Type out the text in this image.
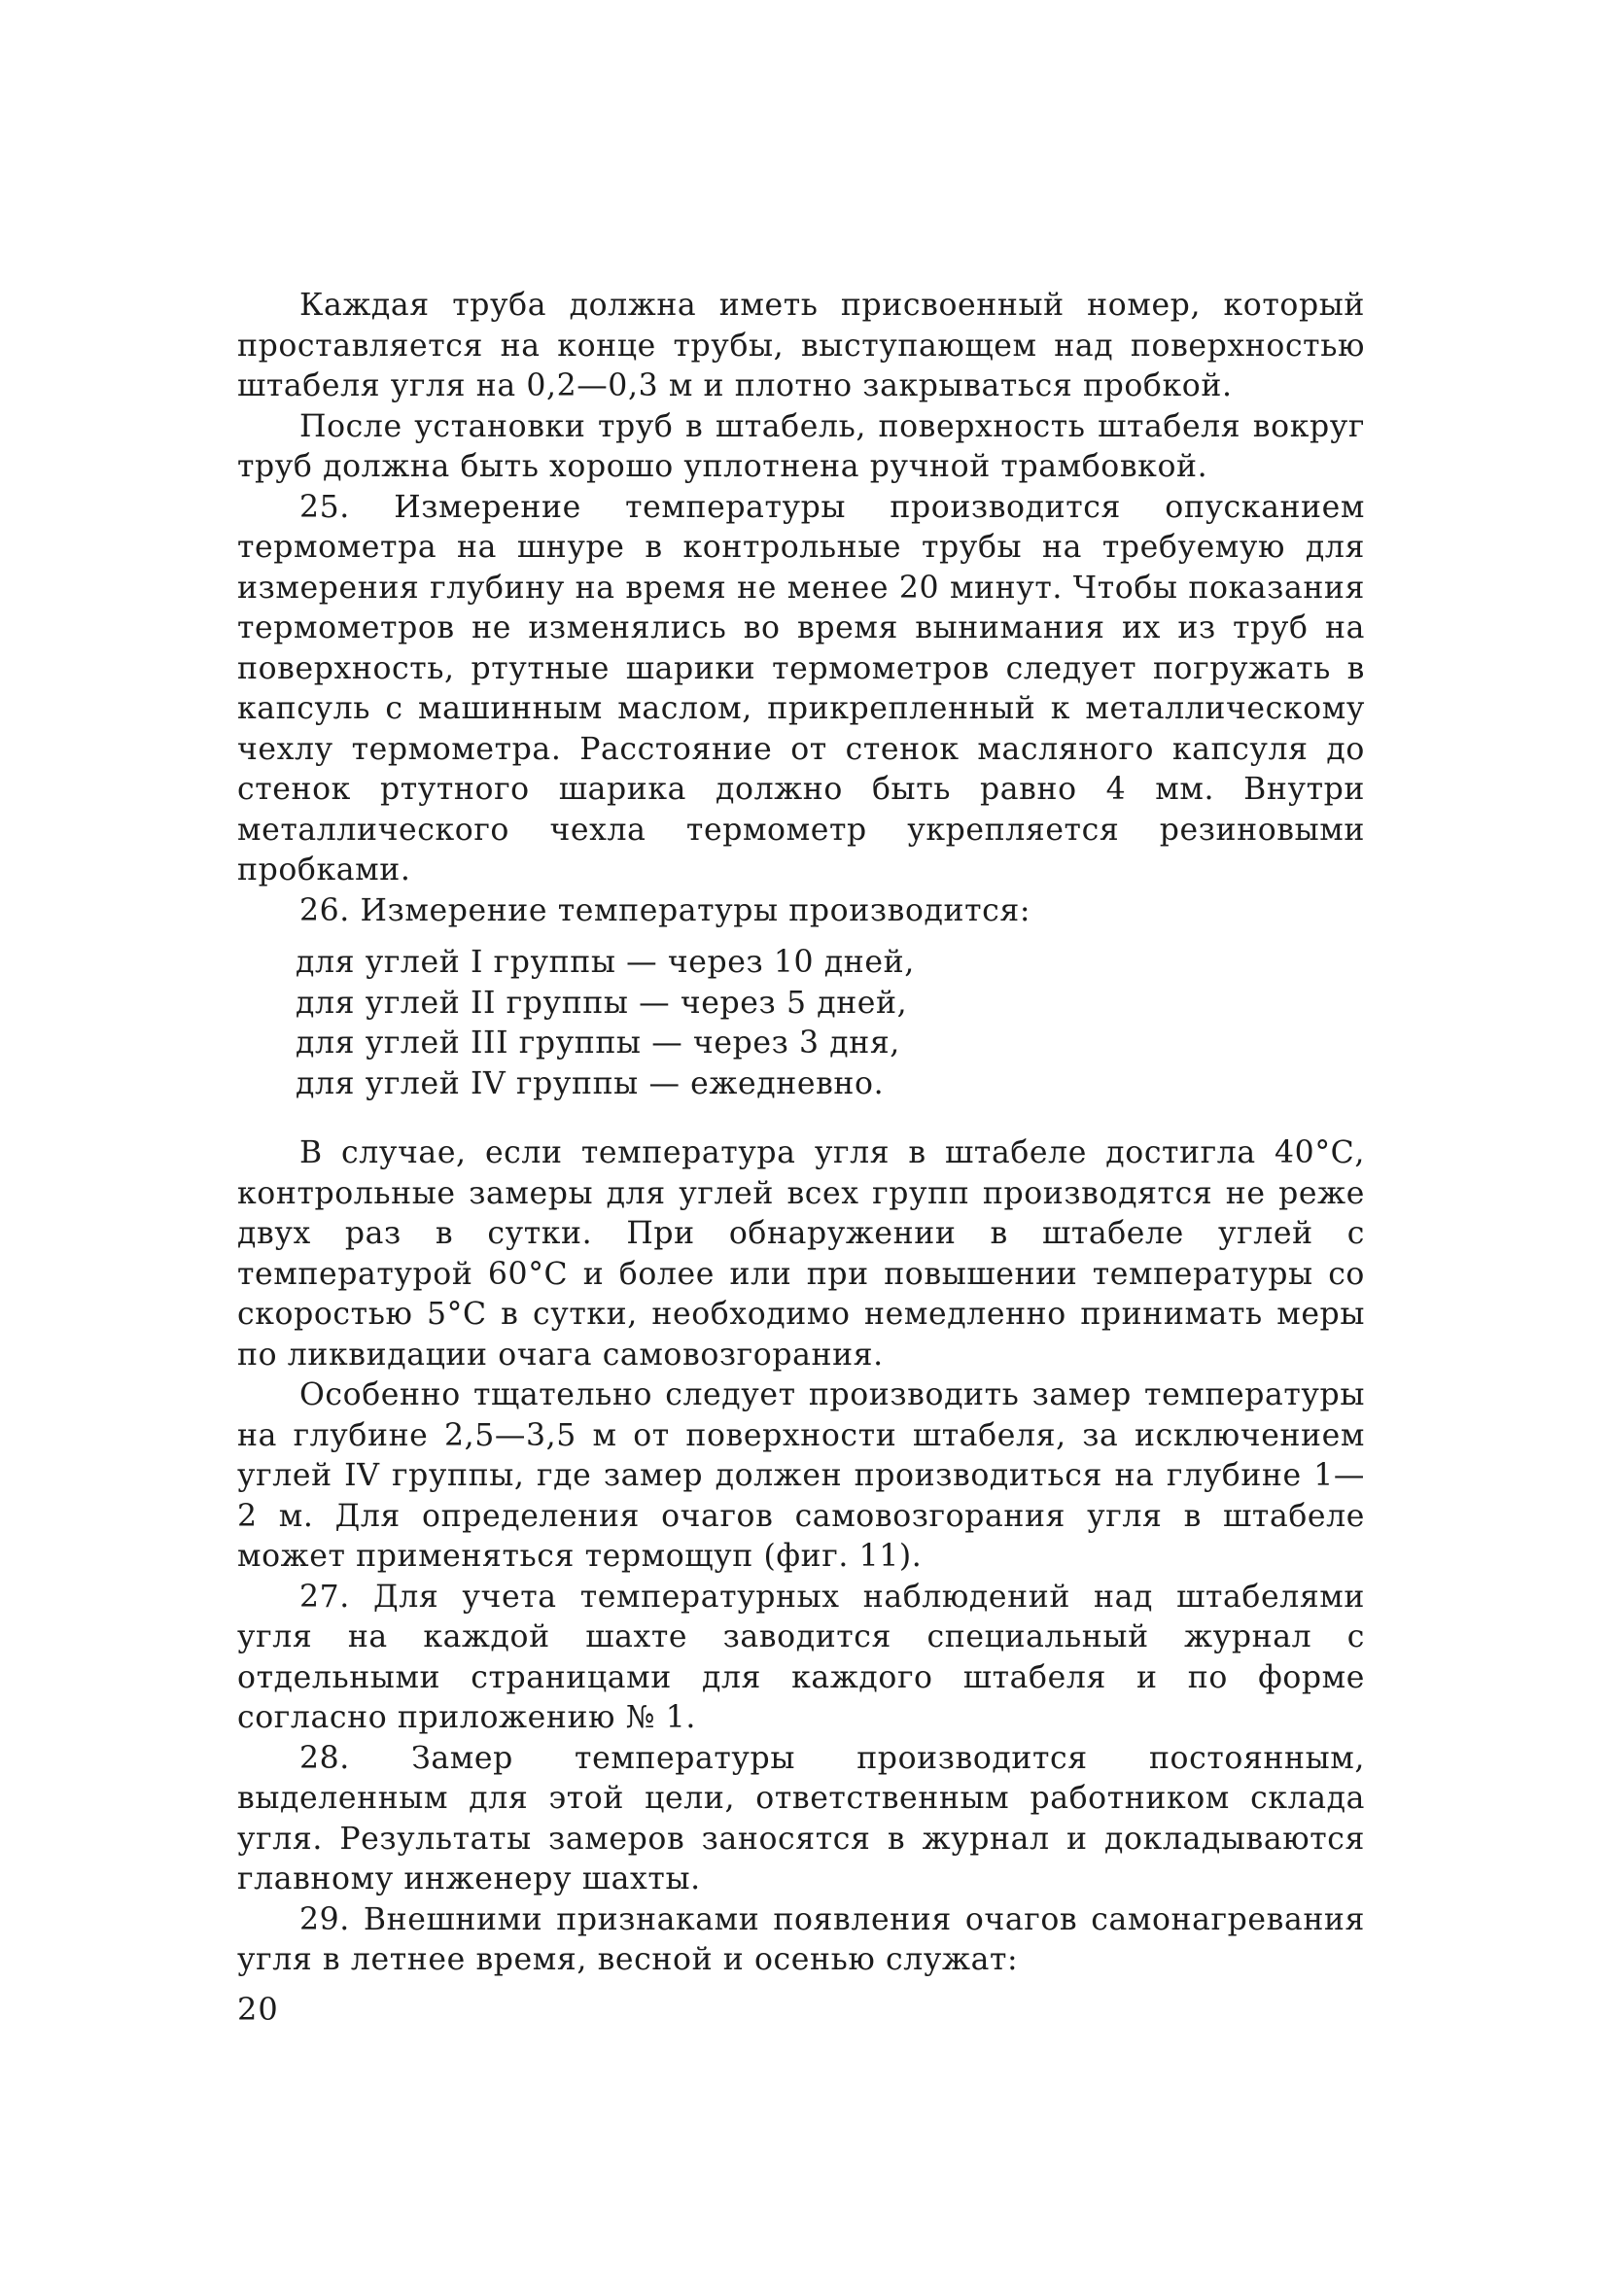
Каждая труба должна иметь присвоенный номер, который проставляется на конце трубы, выступающем над поверхностью штабеля угля на 0,2—0,3 м и плотно закрываться пробкой.

После установки труб в штабель, поверхность штабеля вокруг труб должна быть хорошо уплотнена ручной трамбовкой.

25. Измерение температуры производится опусканием термометра на шнуре в контрольные трубы на требуемую для измерения глубину на время не менее 20 минут. Чтобы показания термометров не изменялись во время вынимания их из труб на поверхность, ртутные шарики термометров следует погружать в капсуль с машинным маслом, прикрепленный к металлическому чехлу термометра. Расстояние от стенок масляного капсуля до стенок ртутного шарика должно быть равно 4 мм. Внутри металлического чехла термометр укрепляется резиновыми пробками.

26. Измерение температуры производится:

для углей I группы — через 10 дней,
для углей II группы — через 5 дней,
для углей III группы — через 3 дня,
для углей IV группы — ежедневно.

В случае, если температура угля в штабеле достигла 40°С, контрольные замеры для углей всех групп производятся не реже двух раз в сутки. При обнаружении в штабеле углей с температурой 60°С и более или при повышении температуры со скоростью 5°С в сутки, необходимо немедленно принимать меры по ликвидации очага самовозгорания.

Особенно тщательно следует производить замер температуры на глубине 2,5—3,5 м от поверхности штабеля, за исключением углей IV группы, где замер должен производиться на глубине 1—2 м. Для определения очагов самовозгорания угля в штабеле может применяться термощуп (фиг. 11).

27. Для учета температурных наблюдений над штабелями угля на каждой шахте заводится специальный журнал с отдельными страницами для каждого штабеля и по форме согласно приложению № 1.

28. Замер температуры производится постоянным, выделенным для этой цели, ответственным работником склада угля. Результаты замеров заносятся в журнал и докладываются главному инженеру шахты.

29. Внешними признаками появления очагов самонагревания угля в летнее время, весной и осенью служат:

20
